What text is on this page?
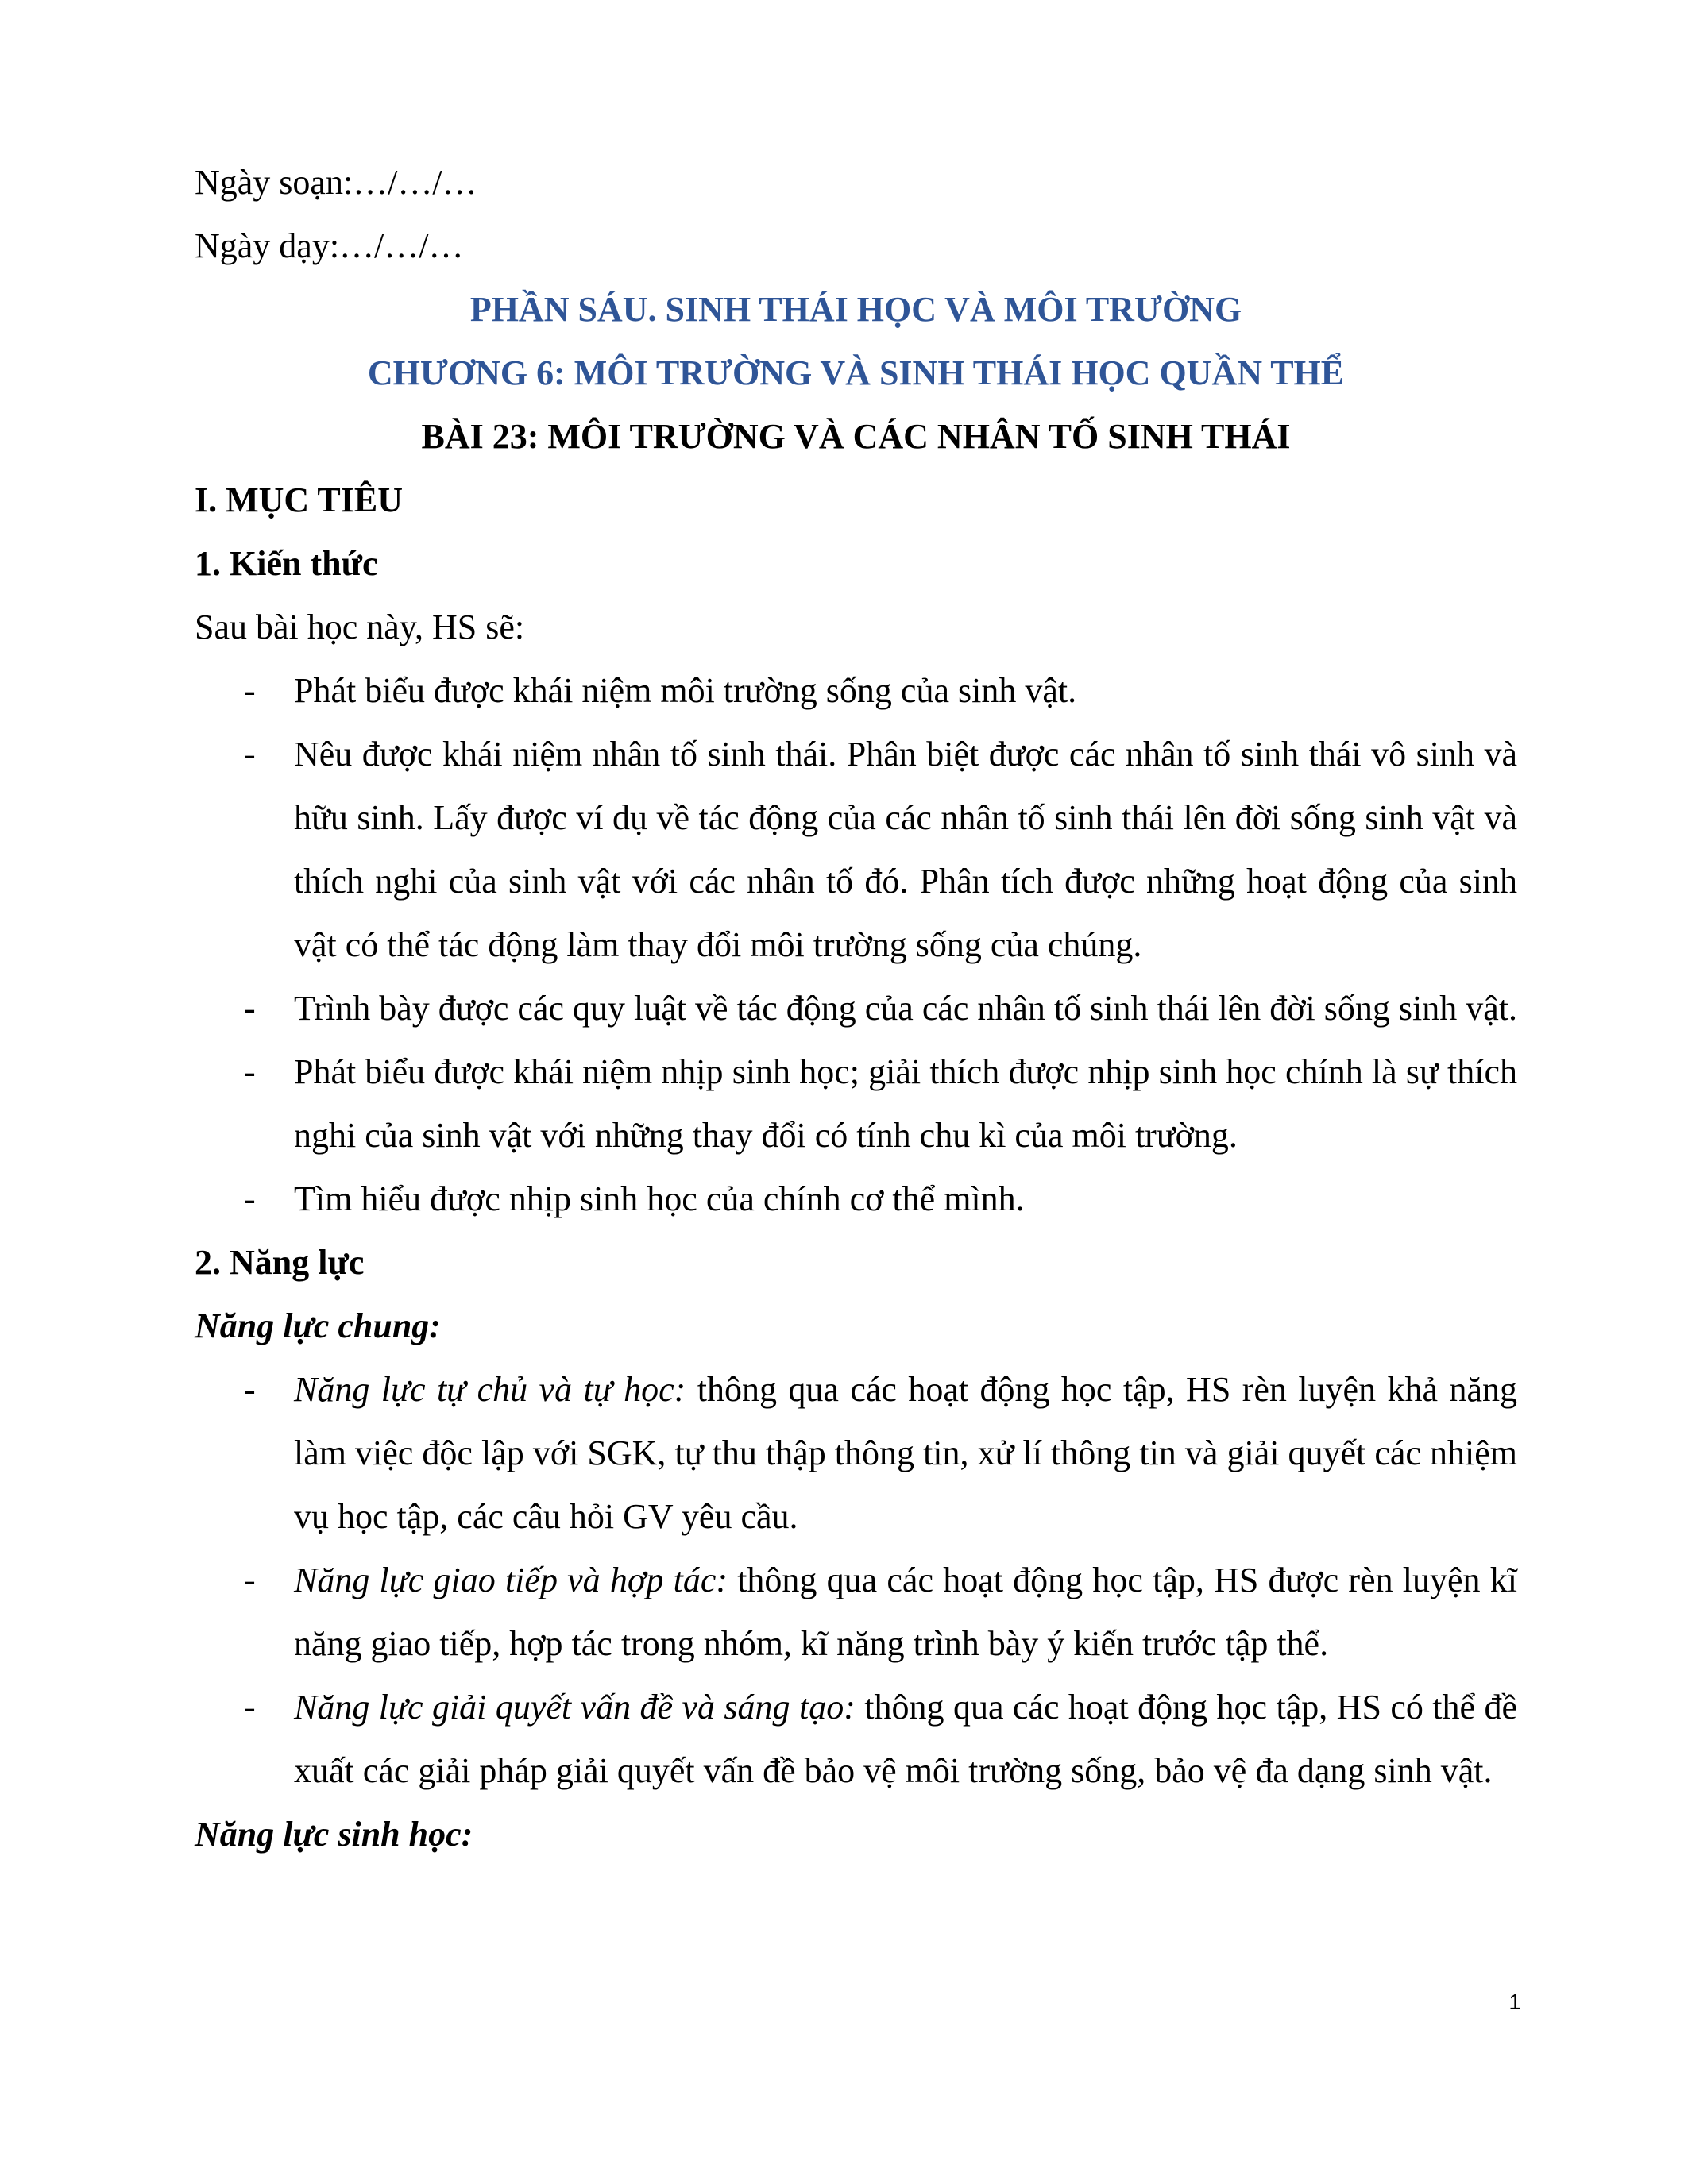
Ngày soạn:…/…/…

Ngày dạy:…/…/…

PHẦN SÁU. SINH THÁI HỌC VÀ MÔI TRƯỜNG

CHƯƠNG 6: MÔI TRƯỜNG VÀ SINH THÁI HỌC QUẦN THỂ

BÀI 23: MÔI TRƯỜNG VÀ CÁC NHÂN TỐ SINH THÁI

I. MỤC TIÊU

1. Kiến thức

Sau bài học này, HS sẽ:

- Phát biểu được khái niệm môi trường sống của sinh vật.
- Nêu được khái niệm nhân tố sinh thái. Phân biệt được các nhân tố sinh thái vô sinh và hữu sinh. Lấy được ví dụ về tác động của các nhân tố sinh thái lên đời sống sinh vật và thích nghi của sinh vật với các nhân tố đó. Phân tích được những hoạt động của sinh vật có thể tác động làm thay đổi môi trường sống của chúng.
- Trình bày được các quy luật về tác động của các nhân tố sinh thái lên đời sống sinh vật.
- Phát biểu được khái niệm nhịp sinh học; giải thích được nhịp sinh học chính là sự thích nghi của sinh vật với những thay đổi có tính chu kì của môi trường.
- Tìm hiểu được nhịp sinh học của chính cơ thể mình.

2. Năng lực

Năng lực chung:

- Năng lực tự chủ và tự học: thông qua các hoạt động học tập, HS rèn luyện khả năng làm việc độc lập với SGK, tự thu thập thông tin, xử lí thông tin và giải quyết các nhiệm vụ học tập, các câu hỏi GV yêu cầu.
- Năng lực giao tiếp và hợp tác: thông qua các hoạt động học tập, HS được rèn luyện kĩ năng giao tiếp, hợp tác trong nhóm, kĩ năng trình bày ý kiến trước tập thể.
- Năng lực giải quyết vấn đề và sáng tạo: thông qua các hoạt động học tập, HS có thể đề xuất các giải pháp giải quyết vấn đề bảo vệ môi trường sống, bảo vệ đa dạng sinh vật.

Năng lực sinh học:

1
